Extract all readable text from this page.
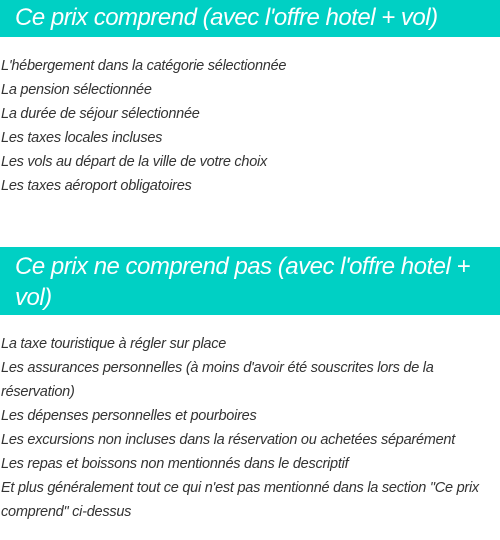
Ce prix comprend (avec l'offre hotel + vol)
L'hébergement dans la catégorie sélectionnée
La pension sélectionnée
La durée de séjour sélectionnée
Les taxes locales incluses
Les vols au départ de la ville de votre choix
Les taxes aéroport obligatoires
Ce prix ne comprend pas (avec l'offre hotel + vol)
La taxe touristique à régler sur place
Les assurances personnelles (à moins d'avoir été souscrites lors de la réservation)
Les dépenses personnelles et pourboires
Les excursions non incluses dans la réservation ou achetées séparément
Les repas et boissons non mentionnés dans le descriptif
Et plus généralement tout ce qui n'est pas mentionné dans la section "Ce prix comprend" ci-dessus
